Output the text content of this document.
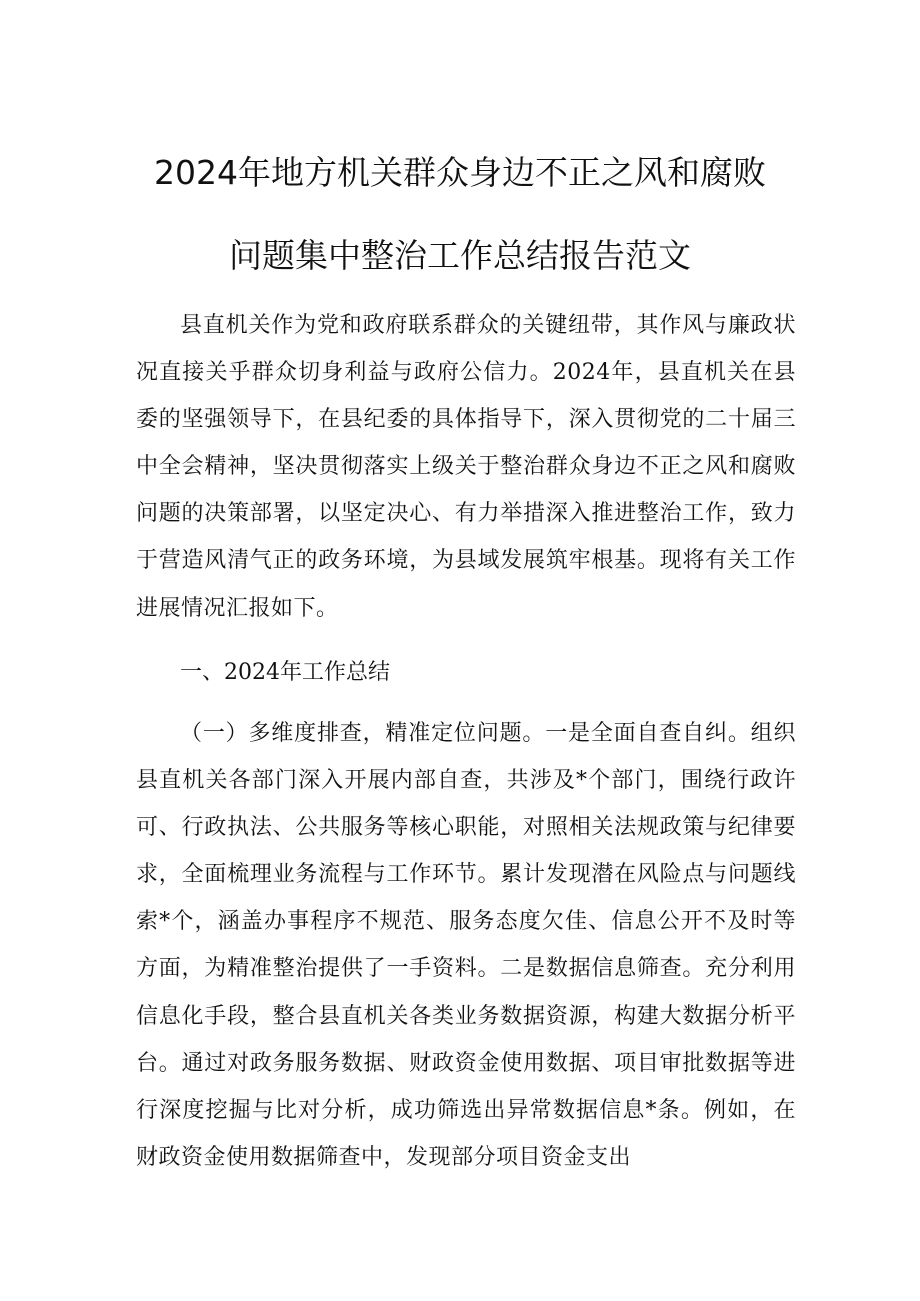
2024年地方机关群众身边不正之风和腐败
问题集中整治工作总结报告范文

县直机关作为党和政府联系群众的关键纽带，其作风与廉政状况直接关乎群众切身利益与政府公信力。2024年，县直机关在县委的坚强领导下，在县纪委的具体指导下，深入贯彻党的二十届三中全会精神，坚决贯彻落实上级关于整治群众身边不正之风和腐败问题的决策部署，以坚定决心、有力举措深入推进整治工作，致力于营造风清气正的政务环境，为县域发展筑牢根基。现将有关工作进展情况汇报如下。

一、2024年工作总结

（一）多维度排查，精准定位问题。一是全面自查自纠。组织县直机关各部门深入开展内部自查，共涉及*个部门，围绕行政许可、行政执法、公共服务等核心职能，对照相关法规政策与纪律要求，全面梳理业务流程与工作环节。累计发现潜在风险点与问题线索*个，涵盖办事程序不规范、服务态度欠佳、信息公开不及时等方面，为精准整治提供了一手资料。二是数据信息筛查。充分利用信息化手段，整合县直机关各类业务数据资源，构建大数据分析平台。通过对政务服务数据、财政资金使用数据、项目审批数据等进行深度挖掘与比对分析，成功筛选出异常数据信息*条。例如，在财政资金使用数据筛查中，发现部分项目资金支出
